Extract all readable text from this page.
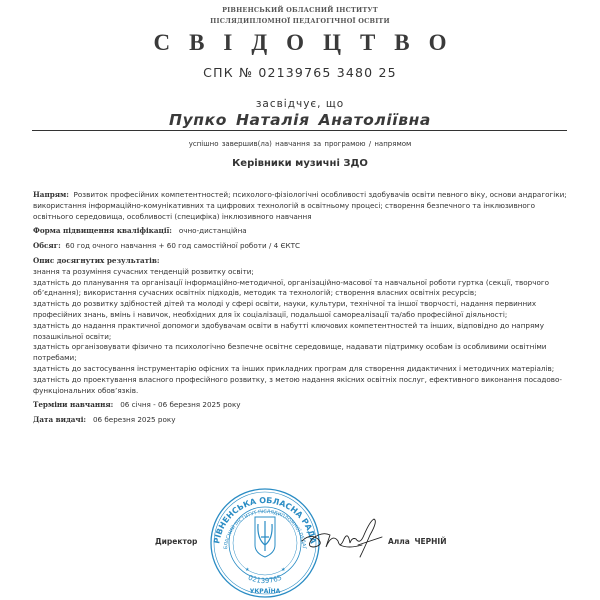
РІВНЕНСЬКИЙ ОБЛАСНИЙ ІНСТИТУТ
ПІСЛЯДИПЛОМНОЇ ПЕДАГОГІЧНОЇ ОСВІТИ
СВІДОЦТВО
СПК № 02139765 3480 25
засвідчує, що
Пупко Наталія Анатоліївна
успішно завершив(ла) навчання за програмою / напрямом
Керівники музичні ЗДО

Напрям: Розвиток професійних компетентностей; психолого-фізіологічні особливості здобувачів освіти певного віку, основи андрагогіки; використання інформаційно-комунікативних та цифрових технологій в освітньому процесі; створення безпечного та інклюзивного освітнього середовища, особливості (специфіка) інклюзивного навчання

Форма підвищення кваліфікації: очно-дистанційна

Обсяг: 60 год очного навчання + 60 год самостійної роботи / 4 ЄКТС

Опис досягнутих результатів:

знання та розуміння сучасних тенденцій розвитку освіти;
здатність до планування та організації інформаційно-методичної, організаційно-масової та навчальної роботи гуртка (секції, творчого об’єднання); використання сучасних освітніх підходів, методик та технологій; створення власних освітніх ресурсів;
здатність до розвитку здібностей дітей та молоді у сфері освіти, науки, культури, технічної та іншої творчості, надання первинних професійних знань, вмінь і навичок, необхідних для їх соціалізації, подальшої самореалізації та/або професійної діяльності;
здатність до надання практичної допомоги здобувачам освіти в набутті ключових компетентностей та інших, відповідно до напряму позашкільної освіти;
здатність організовувати фізично та психологічно безпечне освітнє середовище, надавати підтримку особам із особливими освітніми потребами;
здатність до застосування інструментарію офісних та інших прикладних програм для створення дидактичних і методичних матеріалів;
здатність до проектування власного професійного розвитку, з метою надання якісних освітніх послуг, ефективного виконання посадово-функціональних обов’язків.

Терміни навчання: 06 січня - 06 березня 2025 року

Дата видачі: 06 березня 2025 року

Директор РІВНЕНСЬКА ОБЛАСНА РАДА
БЛАСНИЙ ІНСТИТУТ ПІСЛЯДИПЛОМНОЇ ПЕДАГ
02139765
УКРАЇНА
★	★
Алла ЧЕРНІЙ
